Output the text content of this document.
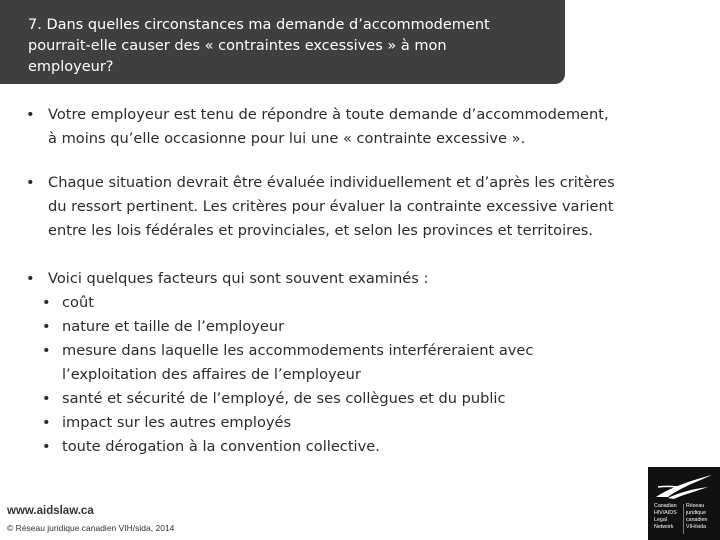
7. Dans quelles circonstances ma demande d’accommodement
pourrait-elle causer des « contraintes excessives » à mon
employeur?
• Votre employeur est tenu de répondre à toute demande d’accommodement,
à moins qu’elle occasionne pour lui une « contrainte excessive ».
• Chaque situation devrait être évaluée individuellement et d’après les critères
du ressort pertinent. Les critères pour évaluer la contrainte excessive varient
entre les lois fédérales et provinciales, et selon les provinces et territoires.
• Voici quelques facteurs qui sont souvent examinés :
• coût
• nature et taille de l’employeur
• mesure dans laquelle les accommodements interféreraient avec
l’exploitation des affaires de l’employeur
• santé et sécurité de l’employé, de ses collègues et du public
• impact sur les autres employés
• toute dérogation à la convention collective.
www.aidslaw.ca
© Réseau juridique canadien VIH/sida, 2014
Canadian
HIV/AIDS
Legal
Network
Réseau
juridique
canadien
VIH/sida
